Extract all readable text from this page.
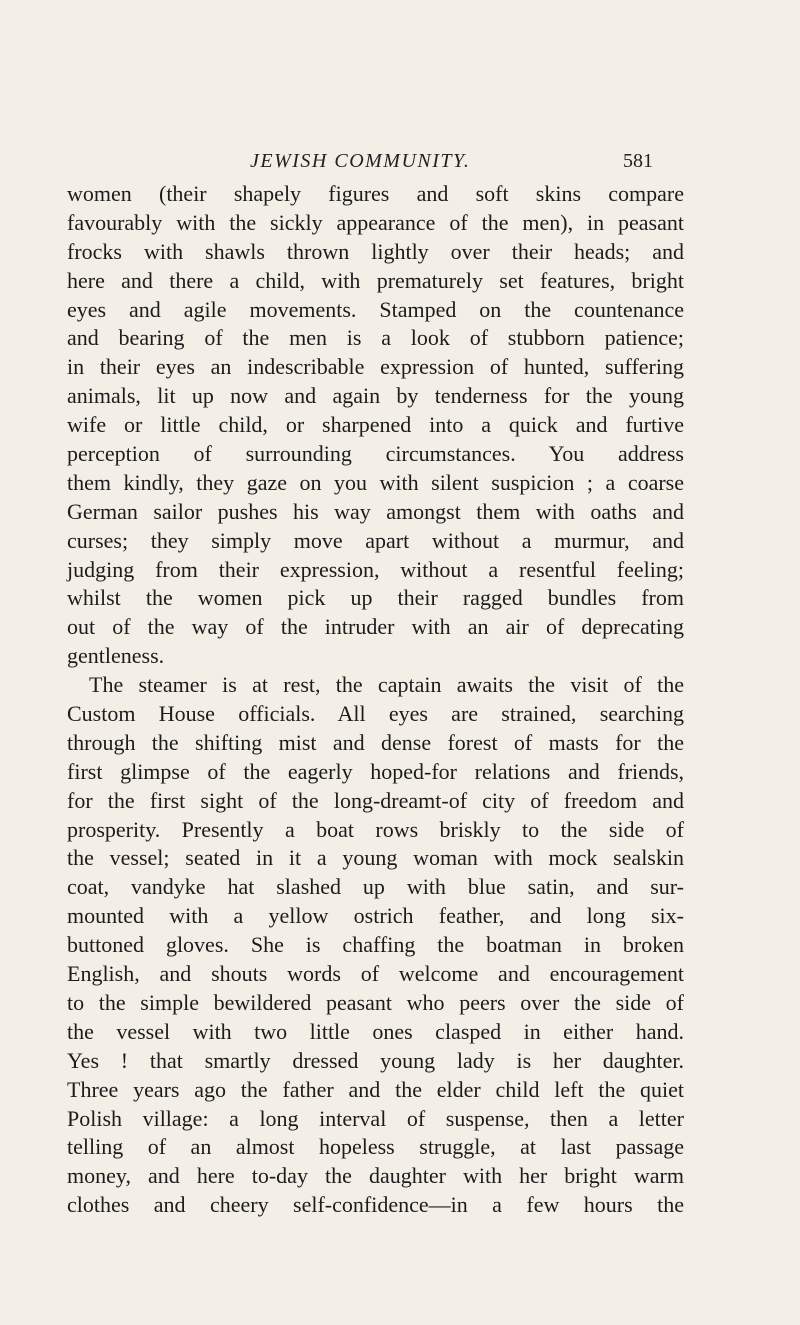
JEWISH COMMUNITY.	581

women (their shapely figures and soft skins compare
favourably with the sickly appearance of the men), in peasant
frocks with shawls thrown lightly over their heads; and
here and there a child, with prematurely set features, bright
eyes and agile movements. Stamped on the countenance
and bearing of the men is a look of stubborn patience;
in their eyes an indescribable expression of hunted, suffering
animals, lit up now and again by tenderness for the young
wife or little child, or sharpened into a quick and furtive
perception of surrounding circumstances. You address
them kindly, they gaze on you with silent suspicion ; a coarse
German sailor pushes his way amongst them with oaths and
curses; they simply move apart without a murmur, and
judging from their expression, without a resentful feeling;
whilst the women pick up their ragged bundles from
out of the way of the intruder with an air of deprecating
gentleness.

The steamer is at rest, the captain awaits the visit of the
Custom House officials. All eyes are strained, searching
through the shifting mist and dense forest of masts for the
first glimpse of the eagerly hoped-for relations and friends,
for the first sight of the long-dreamt-of city of freedom and
prosperity. Presently a boat rows briskly to the side of
the vessel; seated in it a young woman with mock sealskin
coat, vandyke hat slashed up with blue satin, and sur-
mounted with a yellow ostrich feather, and long six-
buttoned gloves. She is chaffing the boatman in broken
English, and shouts words of welcome and encouragement
to the simple bewildered peasant who peers over the side of
the vessel with two little ones clasped in either hand.
Yes ! that smartly dressed young lady is her daughter.
Three years ago the father and the elder child left the quiet
Polish village: a long interval of suspense, then a letter
telling of an almost hopeless struggle, at last passage
money, and here to-day the daughter with her bright warm
clothes and cheery self-confidence—in a few hours the
